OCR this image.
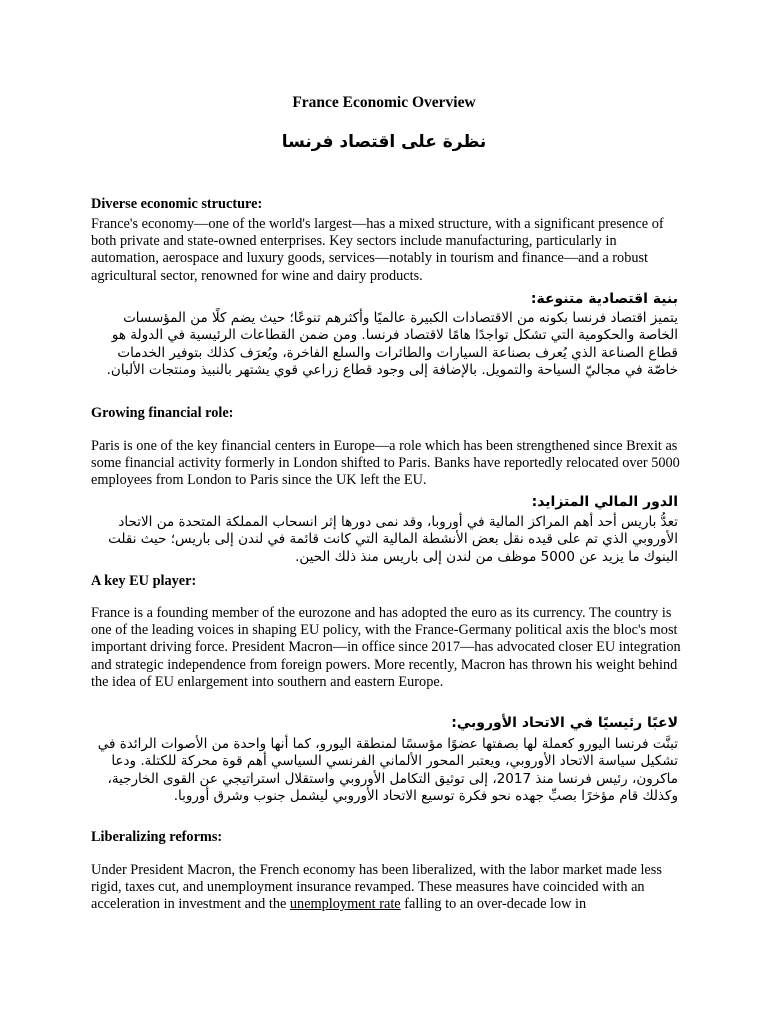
France Economic Overview
نظرة على اقتصاد فرنسا
Diverse economic structure:
France's economy—one of the world's largest—has a mixed structure, with a significant presence of both private and state-owned enterprises. Key sectors include manufacturing, particularly in automation, aerospace and luxury goods, services—notably in tourism and finance—and a robust agricultural sector, renowned for wine and dairy products.
بنية اقتصادية متنوعة:
يتميز اقتصاد فرنسا بكونه من الاقتصادات الكبيرة عالميًا وأكثرهم تنوعًا؛ حيث يضم كلًا من المؤسسات الخاصة والحكومية التي تشكل تواجدًا هامًا لاقتصاد فرنسا. ومن ضمن القطاعات الرئيسية في الدولة هو قطاع الصناعة الذي يُعرف بصناعة السيارات والطائرات والسلع الفاخرة، ويُعرَف كذلك بتوفير الخدمات خاصّة في مجاليّ السياحة والتمويل. بالإضافة إلى وجود قطاع زراعي قوي يشتهر بالنبيذ ومنتجات الألبان.
Growing financial role:
Paris is one of the key financial centers in Europe—a role which has been strengthened since Brexit as some financial activity formerly in London shifted to Paris. Banks have reportedly relocated over 5000 employees from London to Paris since the UK left the EU.
الدور المالي المتزايد:
تعدُّ باريس أحد أهم المراكز المالية في أوروبا، وقد نمى دورها إثر انسحاب المملكة المتحدة من الاتحاد الأوروبي الذي تم على قيده نقل بعض الأنشطة المالية التي كانت قائمة في لندن إلى باريس؛ حيث نقلت البنوك ما يزيد عن 5000 موظف من لندن إلى باريس منذ ذلك الحين.
A key EU player:
France is a founding member of the eurozone and has adopted the euro as its currency. The country is one of the leading voices in shaping EU policy, with the France-Germany political axis the bloc's most important driving force. President Macron—in office since 2017—has advocated closer EU integration and strategic independence from foreign powers. More recently, Macron has thrown his weight behind the idea of EU enlargement into southern and eastern Europe.
لاعبًا رئيسيًا في الاتحاد الأوروبي:
تبنَّت فرنسا اليورو كعملة لها بصفتها عضوًا مؤسسًا لمنطقة اليورو، كما أنها واحدة من الأصوات الرائدة في تشكيل سياسة الاتحاد الأوروبي، ويعتبر المحور الألماني الفرنسي السياسي أهم قوة محركة للكتلة. ودعا ماكرون، رئيس فرنسا منذ 2017، إلى توثيق التكامل الأوروبي واستقلال استراتيجي عن القوى الخارجية، وكذلك قام مؤخرًا بصبِّ جهده نحو فكرة توسيع الاتحاد الأوروبي ليشمل جنوب وشرق أوروبا.
Liberalizing reforms:
Under President Macron, the French economy has been liberalized, with the labor market made less rigid, taxes cut, and unemployment insurance revamped. These measures have coincided with an acceleration in investment and the unemployment rate falling to an over-decade low in
